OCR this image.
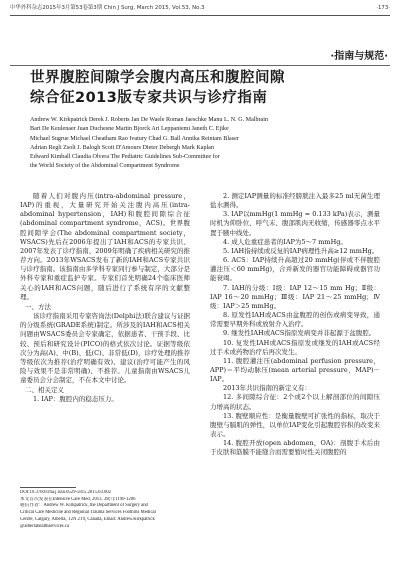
中华外科杂志2015年3月第53卷第3期 Chin J Surg, March 2015, Vol.53, No.3	·173·
·指南与规范·
世界腹腔间隙学会腹内高压和腹腔间隙
综合征2013版专家共识与诊疗指南
Andrew W. Kirkpatrick Derek J. Roberts Jan De Waele Roman Jaeschke Manu L. N. G. Malbrain
Bart De Keulenaer Juan Duchesne Martin Bjorck Ari Leppaniemi Janeth C. Ejike
Michael Sugrue Michael Cheatham Rao Ivatury Chad G. Ball Annika Reintam Blaser
Adrian Regli Zsolt J. Balogh Scott D'Amours Dieter Debergh Mark Kaplan
Edward Kimball Claudia Olvera The Pediatric Guidelines Sub-Committee for
the World Society of the Abdominal Compartment Syndrome

随着人们对腹内压(intra-abdominal pressure，IAP)的重视，大量研究开始关注腹内高压(intra-abdominal hypertension，IAH)和腹腔间隙综合征(abdominal compartment syndrome，ACS)。世界腹腔间隙学会(The abdominal compartment society，WSACS)先后在2006年提出了IAH和ACS的专家共识、2007年发表了诊疗指南、2009年明确了疾病相关研究的推荐方向。2013年WSACS发布了新的IAH和ACS专家共识与诊疗指南。该指南由多学科专家同行参与制定，大部分是外科专家和重症监护专家。专家们首先明确24个临床医师关心的IAH和ACS问题，随后进行了系统有序的文献整理。

一、方法

该诊疗指南采用专家咨询法(Delphi法)联合建议与证据的分级系统(GRADE系统)制定。所涉及的IAH和ACS相关问题由WSACS委员会专家确定，依据患者、干预手段、比较、预后和研究设计(PICO)的格式依次讨论。证据等级依次分为高(A)、中(B)、低(C)、非常低(D)，诊疗处理的推荐等级依次为推荐(治疗明确有效)、建议(治疗可能产生的风险与效果不是非常明确)、不推荐。儿童指南由WSACS儿童委员会分会制定，不在本文中讨论。

二、相关定义

1. IAP：腹腔内的稳态压力。

DOI:10.3760/cma.j.issn.0529-5815.2015.03.002
本文首次发表在Intensive Care Med, 2013, 39(7):1190-1206
通信作者：Andrew W. Kirkpatrick, the Department of Surgery and
Critical Care Medicine and Regional Trauma Services Foothills Medical
Centre, Calgary, Alberta, T2N 2T9, Canada, Email: Andrew.Kirkpatrick
@albertahealthservices.ca

2. 测定IAP测量的标准经膀胱注入最多25 ml无菌生理盐水测得。

3. IAP以mmHg(1 mmHg = 0.133 kPa)表示，测量时机为仰卧位、呼气末、腹部肌肉无收缩，传感器零点水平置于腋中线处。

4. 成人危重症患者的IAP为5～7 mmHg。

5. IAH指持续或反复的IAP病理性升高≥12 mmHg。

6. ACS：IAP持续升高超过20 mmHg(伴或不伴腹腔灌注压＜60 mmHg)，合并新发的器官功能障碍或器官功能衰竭。

7. IAH的分级：Ⅰ级：IAP 12～15 mm Hg；Ⅱ级：IAP 16～20 mmHg；Ⅲ级：IAP 21～25 mmHg；Ⅳ级：IAP＞25 mmHg。

8. 原发性IAH或ACS由盆腹腔的创伤或病变导致，通常需要早期外科或放射介入治疗。

9. 继发性IAH或ACS指原发病变并非起源于盆腹腔。

10. 复发性IAH或ACS指原发或继发的IAH或ACS经过手术或药物治疗后再次发生。

11. 腹腔灌注压(abdominal perfusion pressure，APP)＝平均动脉压(mean arterial pressure，MAP)－IAP。

2013年共识指南的新定义有：

12. 多间隙综合征：2个或2个以上解剖部位的间隙压力增高的状态。

13. 腹壁顺应性：是衡量腹壁可扩张性的指标，取决于腹壁与膈肌的弹性，以单位IAP变化引起腹腔容积的改变来表示。

14. 腹腔开放(open abdomen，OA)：剖腹手术后由于皮肤和筋膜不能缝合而需要暂时性关闭腹腔的
